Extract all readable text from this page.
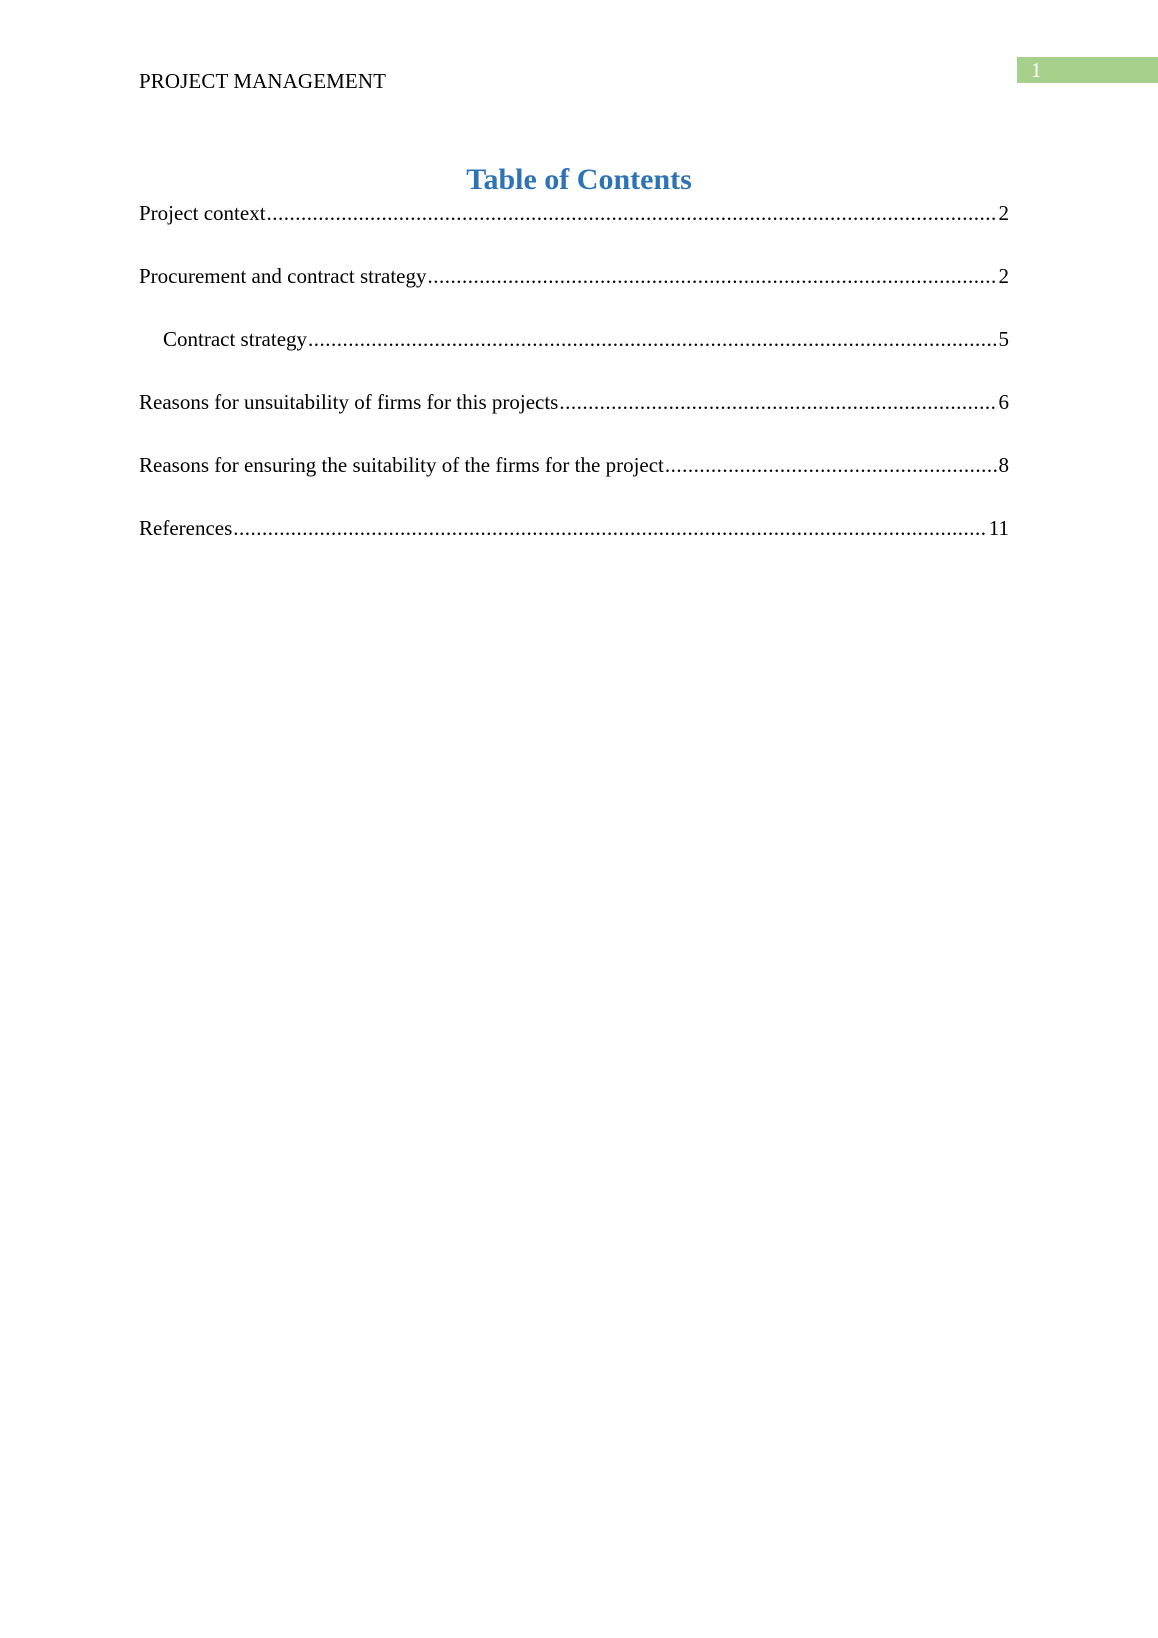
PROJECT MANAGEMENT	1
Table of Contents
Project context .....	2
Procurement and contract strategy .....	2
Contract strategy .....	5
Reasons for unsuitability of firms for this projects .....	6
Reasons for ensuring the suitability of the firms for the project .....	8
References .....	11
